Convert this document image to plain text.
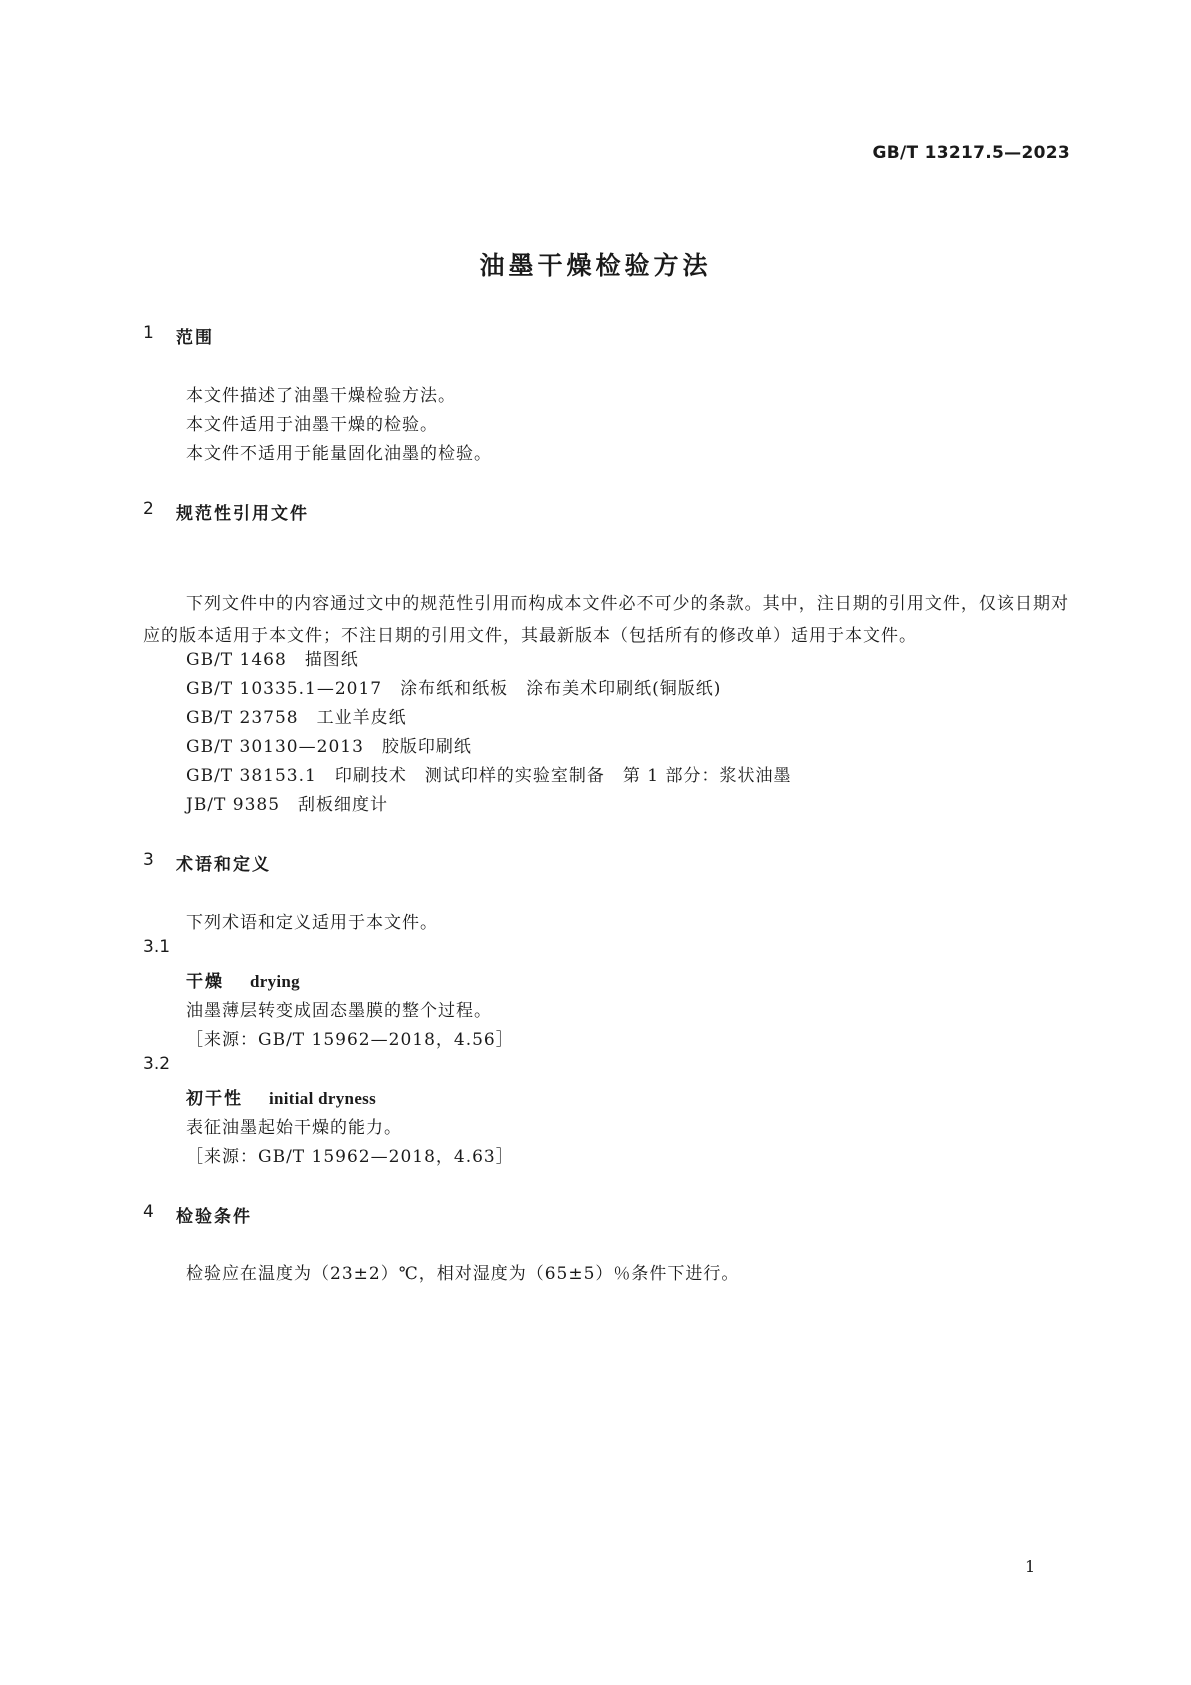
GB/T 13217.5—2023
油墨干燥检验方法
1 范围
本文件描述了油墨干燥检验方法。
本文件适用于油墨干燥的检验。
本文件不适用于能量固化油墨的检验。
2 规范性引用文件
下列文件中的内容通过文中的规范性引用而构成本文件必不可少的条款。其中，注日期的引用文件，仅该日期对应的版本适用于本文件；不注日期的引用文件，其最新版本（包括所有的修改单）适用于本文件。
GB/T 1468　 描图纸
GB/T 10335.1—2017　 涂布纸和纸板　涂布美术印刷纸(铜版纸)
GB/T 23758　 工业羊皮纸
GB/T 30130—2013　 胶版印刷纸
GB/T 38153.1　 印刷技术　测试印样的实验室制备　第 1 部分：浆状油墨
JB/T 9385　 刮板细度计
3 术语和定义
下列术语和定义适用于本文件。
3.1
干燥 drying
油墨薄层转变成固态墨膜的整个过程。
［来源：GB/T 15962—2018，4.56］
3.2
初干性 initial dryness
表征油墨起始干燥的能力。
［来源：GB/T 15962—2018，4.63］
4 检验条件
检验应在温度为（23±2）℃，相对湿度为（65±5）％条件下进行。
1
